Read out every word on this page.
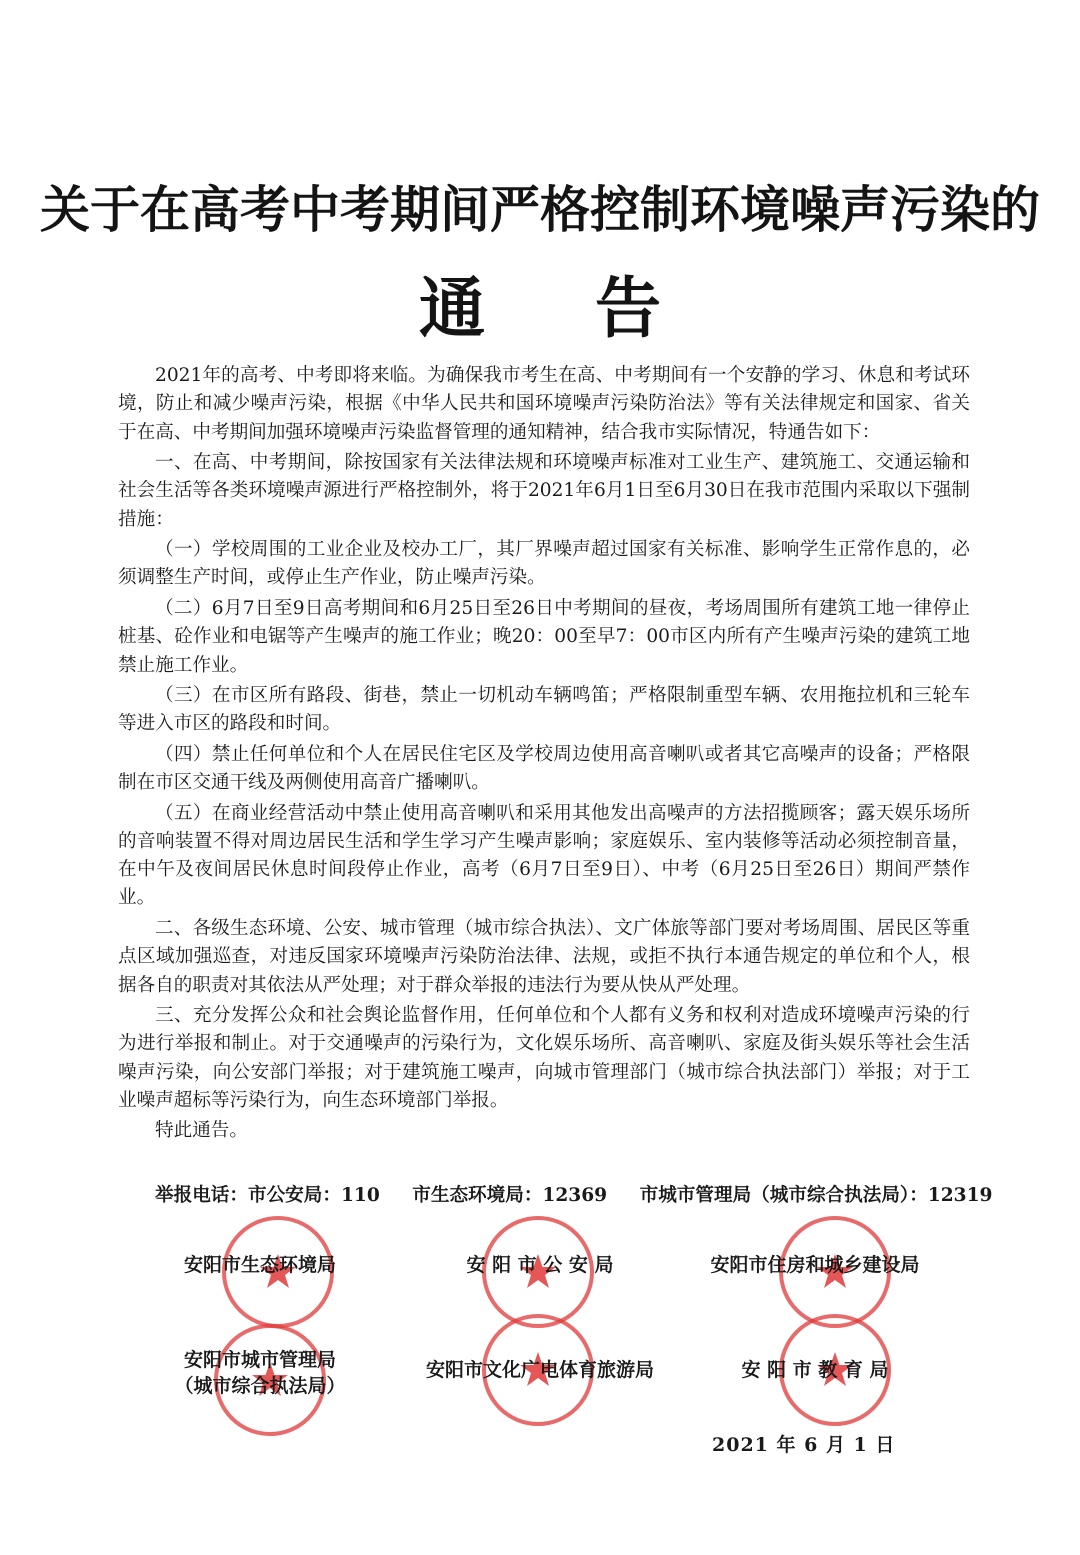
关于在高考中考期间严格控制环境噪声污染的
通告

2021年的高考、中考即将来临。为确保我市考生在高、中考期间有一个安静的学习、休息和考试环境，防止和减少噪声污染，根据《中华人民共和国环境噪声污染防治法》等有关法律规定和国家、省关于在高、中考期间加强环境噪声污染监督管理的通知精神，结合我市实际情况，特通告如下：

一、在高、中考期间，除按国家有关法律法规和环境噪声标准对工业生产、建筑施工、交通运输和社会生活等各类环境噪声源进行严格控制外，将于2021年6月1日至6月30日在我市范围内采取以下强制措施：

（一）学校周围的工业企业及校办工厂，其厂界噪声超过国家有关标准、影响学生正常作息的，必须调整生产时间，或停止生产作业，防止噪声污染。

（二）6月7日至9日高考期间和6月25日至26日中考期间的昼夜，考场周围所有建筑工地一律停止桩基、砼作业和电锯等产生噪声的施工作业；晚20：00至早7：00市区内所有产生噪声污染的建筑工地禁止施工作业。

（三）在市区所有路段、街巷，禁止一切机动车辆鸣笛；严格限制重型车辆、农用拖拉机和三轮车等进入市区的路段和时间。

（四）禁止任何单位和个人在居民住宅区及学校周边使用高音喇叭或者其它高噪声的设备；严格限制在市区交通干线及两侧使用高音广播喇叭。

（五）在商业经营活动中禁止使用高音喇叭和采用其他发出高噪声的方法招揽顾客；露天娱乐场所的音响装置不得对周边居民生活和学生学习产生噪声影响；家庭娱乐、室内装修等活动必须控制音量，在中午及夜间居民休息时间段停止作业，高考（6月7日至9日）、中考（6月25日至26日）期间严禁作业。

二、各级生态环境、公安、城市管理（城市综合执法）、文广体旅等部门要对考场周围、居民区等重点区域加强巡查，对违反国家环境噪声污染防治法律、法规，或拒不执行本通告规定的单位和个人，根据各自的职责对其依法从严处理；对于群众举报的违法行为要从快从严处理。

三、充分发挥公众和社会舆论监督作用，任何单位和个人都有义务和权利对造成环境噪声污染的行为进行举报和制止。对于交通噪声的污染行为，文化娱乐场所、高音喇叭、家庭及街头娱乐等社会生活噪声污染，向公安部门举报；对于建筑施工噪声，向城市管理部门（城市综合执法部门）举报；对于工业噪声超标等污染行为，向生态环境部门举报。

特此通告。

举报电话：市公安局：110 市生态环境局：12369 市城市管理局（城市综合执法局）：12319
安阳市生态环境局	安 阳 市 公 安 局	安阳市住房和城乡建设局
安阳市城市管理局
（城市综合执法局）
安阳市文化广电体育旅游局	安 阳 市 教 育 局
2021 年 6 月 1 日
